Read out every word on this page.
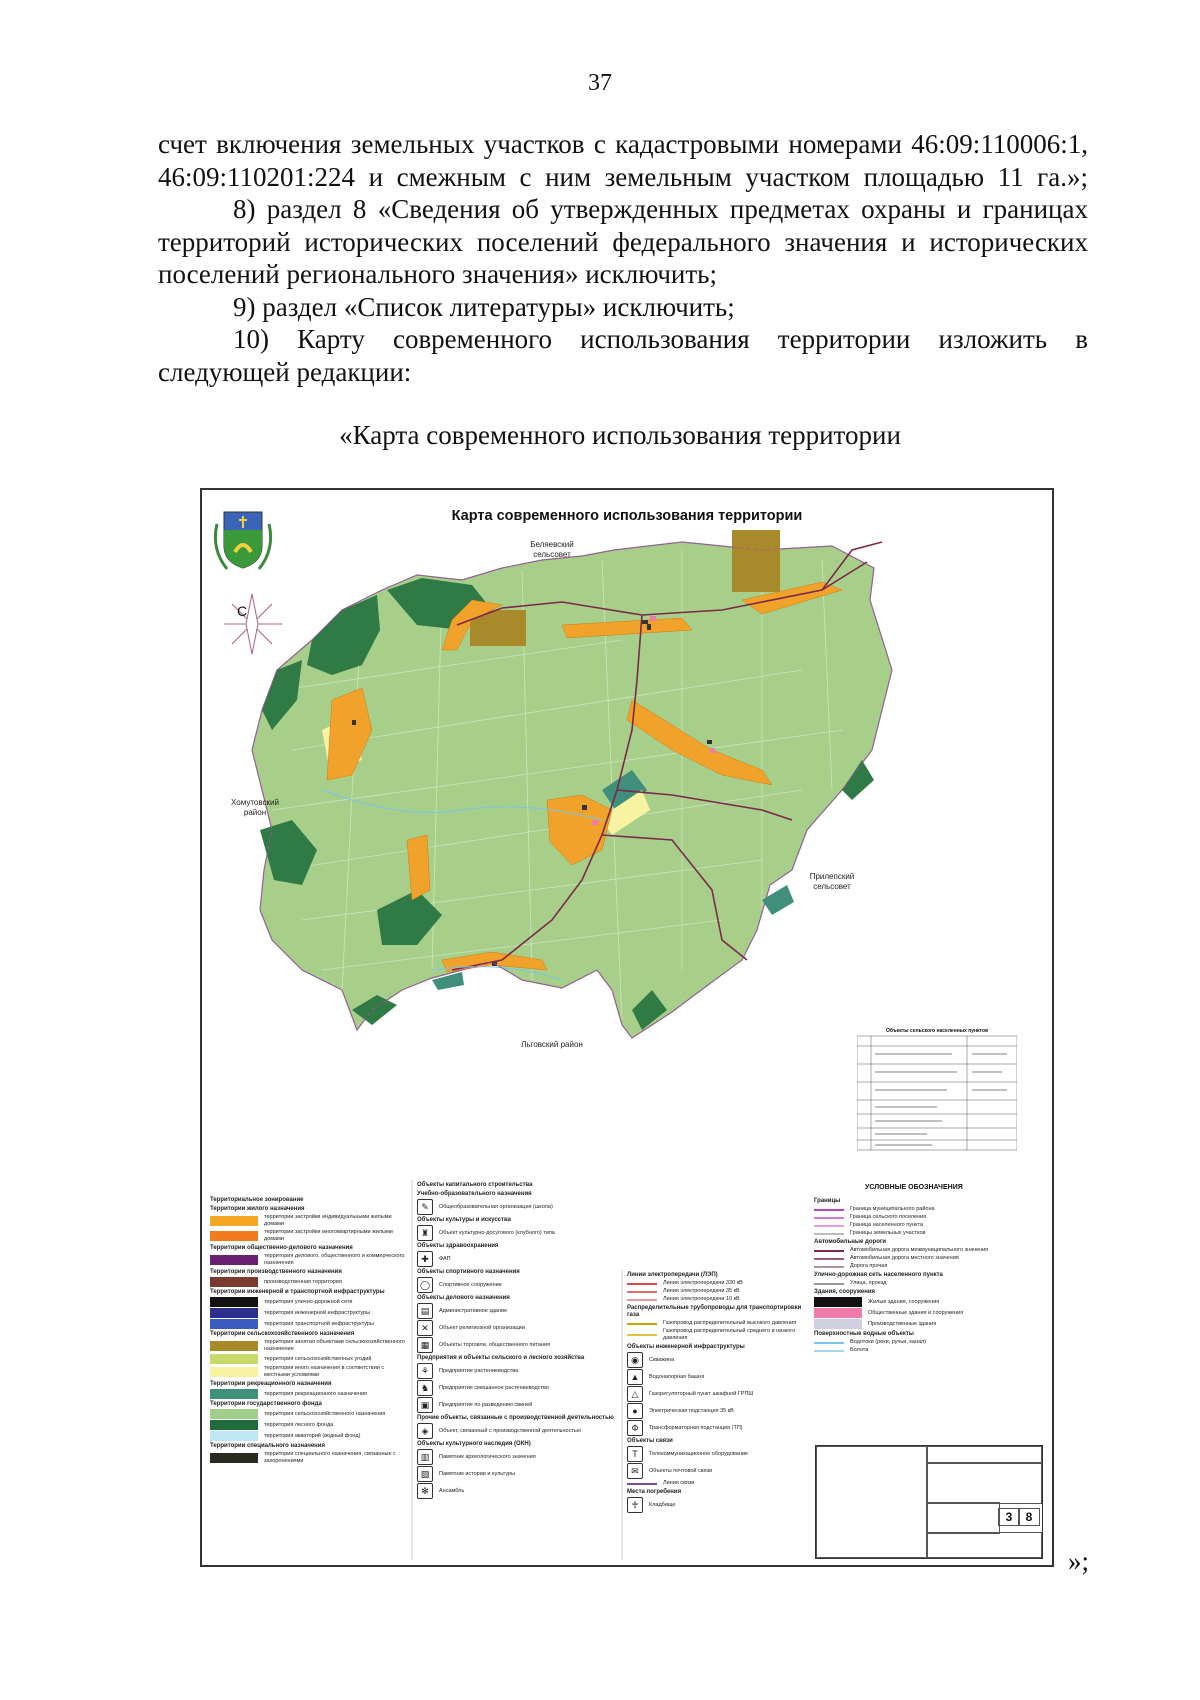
37

счет включения земельных участков с кадастровыми номерами 46:09:110006:1, 46:09:110201:224 и смежным с ним земельным участком площадью 11 га.»;

8) раздел 8 «Сведения об утвержденных предметах охраны и границах территорий исторических поселений федерального значения и исторических поселений регионального значения» исключить;

9) раздел «Список литературы» исключить;

10) Карту современного использования территории изложить в следующей редакции:

«Карта современного использования территории
Карта современного использования территории
С
Беляевский
сельсовет
Хомутовский
район
Прилепский
сельсовет
Льговский район
Объекты сельского населенных пунктов
УСЛОВНЫЕ ОБОЗНАЧЕНИЯ
Территориальное зонирование
Территории жилого назначения
территории застройки индивидуальными жилыми домами
территории застройки многоквартирными жилыми домами
Территории общественно-делового назначения
территория делового, общественного и коммерческого назначения
Территории производственного назначения
производственная территория
Территории инженерной и транспортной инфраструктуры
территория улично-дорожной сети
территория инженерной инфраструктуры
территория транспортной инфраструктуры
Территории сельскохозяйственного назначения
территория занятая объектами сельскохозяйственного назначения
территория сельскохозяйственных угодий
территория иного назначения в соответствии с местными условиями
Территории рекреационного назначения
территория рекреационного назначения
Территории государственного фонда
территория сельскохозяйственного назначения
территория лесного фонда
территория акваторий (водный фонд)
Территории специального назначения
территории специального назначения, связанные с захоронениями
Объекты капитального строительства
Учебно-образовательного назначения
✎	Общеобразовательная организация (школа)
Объекты культуры и искусства
♜	Объект культурно-досугового (клубного) типа
Объекты здравоохранения
✚	ФАП
Объекты спортивного назначения
◯	Спортивное сооружение
Объекты делового назначения
▤	Административное здание
✕	Объект религиозной организации
▦	Объекты торговли, общественного питания
Предприятия и объекты сельского и лесного хозяйства
⚘	Предприятие растениеводства
♞	Предприятие смешанное растениеводство
▣	Предприятие по разведению свиней
Прочие объекты, связанные с производственной деятельностью
◈	Объект, связанный с производственной деятельностью
Объекты культурного наследия (ОКН)
▥	Памятник археологического значения
▧	Памятник истории и культуры
✻	Ансамбль
Линии электропередачи (ЛЭП)
Линия электропередачи 330 кВ
Линия электропередачи 35 кВ
Линия электропередачи 10 кВ
Распределительные трубопроводы для транспортировки газа
Газопровод распределительный высокого давления
Газопровод распределительный среднего и низкого давления
Объекты инженерной инфраструктуры
◉	Скважина
▲	Водонапорная башня
△	Газорегуляторный пункт шкафной ГРПШ
●	Электрическая подстанция 35 кВ
Ф	Трансформаторная подстанция (ТП)
Объекты связи
T	Телекоммуникационное оборудование
✉	Объекты почтовой связи
Линия связи
Места погребения
♰	Кладбище
Границы
Граница муниципального района
Граница сельского поселения
Граница населенного пункта
Границы земельных участков
Автомобильные дороги
Автомобильная дорога межмуниципального значения
Автомобильная дорога местного значения
Дорога прочая
Улично-дорожная сеть населенного пункта
Улица, проезд
Здания, сооружения
Жилые здания, сооружения
Общественные здания и сооружения
Производственные здания
Поверхностные водные объекты
Водотоки (реки, ручьи, канал)
Болота
3	8
»;
